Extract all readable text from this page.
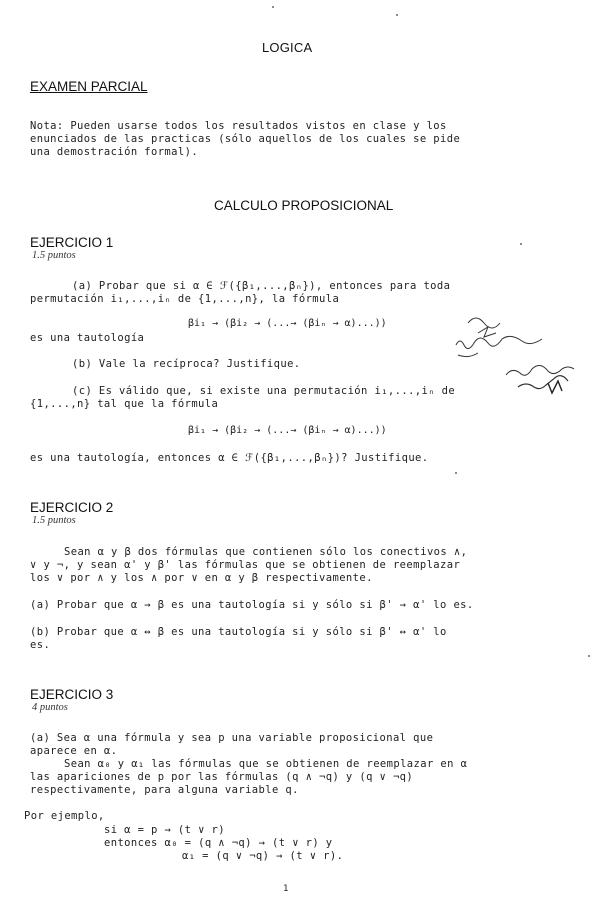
LOGICA
EXAMEN PARCIAL
Nota: Pueden usarse todos los resultados vistos en clase y los
enunciados de las practicas (sólo aquellos de los cuales se pide
una demostración formal).
CALCULO PROPOSICIONAL
EJERCICIO 1
1.5 puntos
(a) Probar que si α ∈ ℱ({β₁,...,βₙ}), entonces para toda
permutación i₁,...,iₙ de {1,...,n}, la fórmula
βi₁ → (βi₂ → (...→ (βiₙ → α)...))
es una tautología
(b) Vale la recíproca? Justifique.
(c) Es válido que, si existe una permutación i₁,...,iₙ de
{1,...,n} tal que la fórmula
βi₁ → (βi₂ → (...→ (βiₙ → α)...))
es una tautología, entonces α ∈ ℱ({β₁,...,βₙ})? Justifique.
EJERCICIO 2
1.5 puntos
Sean α y β dos fórmulas que contienen sólo los conectivos ∧,
∨ y ¬, y sean α' y β' las fórmulas que se obtienen de reemplazar
los ∨ por ∧ y los ∧ por ∨ en α y β respectivamente.
(a) Probar que α → β es una tautología si y sólo si β' → α' lo es.
(b) Probar que α ↔ β es una tautología si y sólo si β' ↔ α' lo
es.
EJERCICIO 3
4 puntos
(a) Sea α una fórmula y sea p una variable proposicional que
aparece en α.
Sean α₀ y α₁ las fórmulas que se obtienen de reemplazar en α
las apariciones de p por las fórmulas (q ∧ ¬q) y (q ∨ ¬q)
respectivamente, para alguna variable q.
Por ejemplo,
si α = p → (t ∨ r)
entonces α₀ = (q ∧ ¬q) → (t ∨ r) y
α₁ = (q ∨ ¬q) → (t ∨ r).
1
